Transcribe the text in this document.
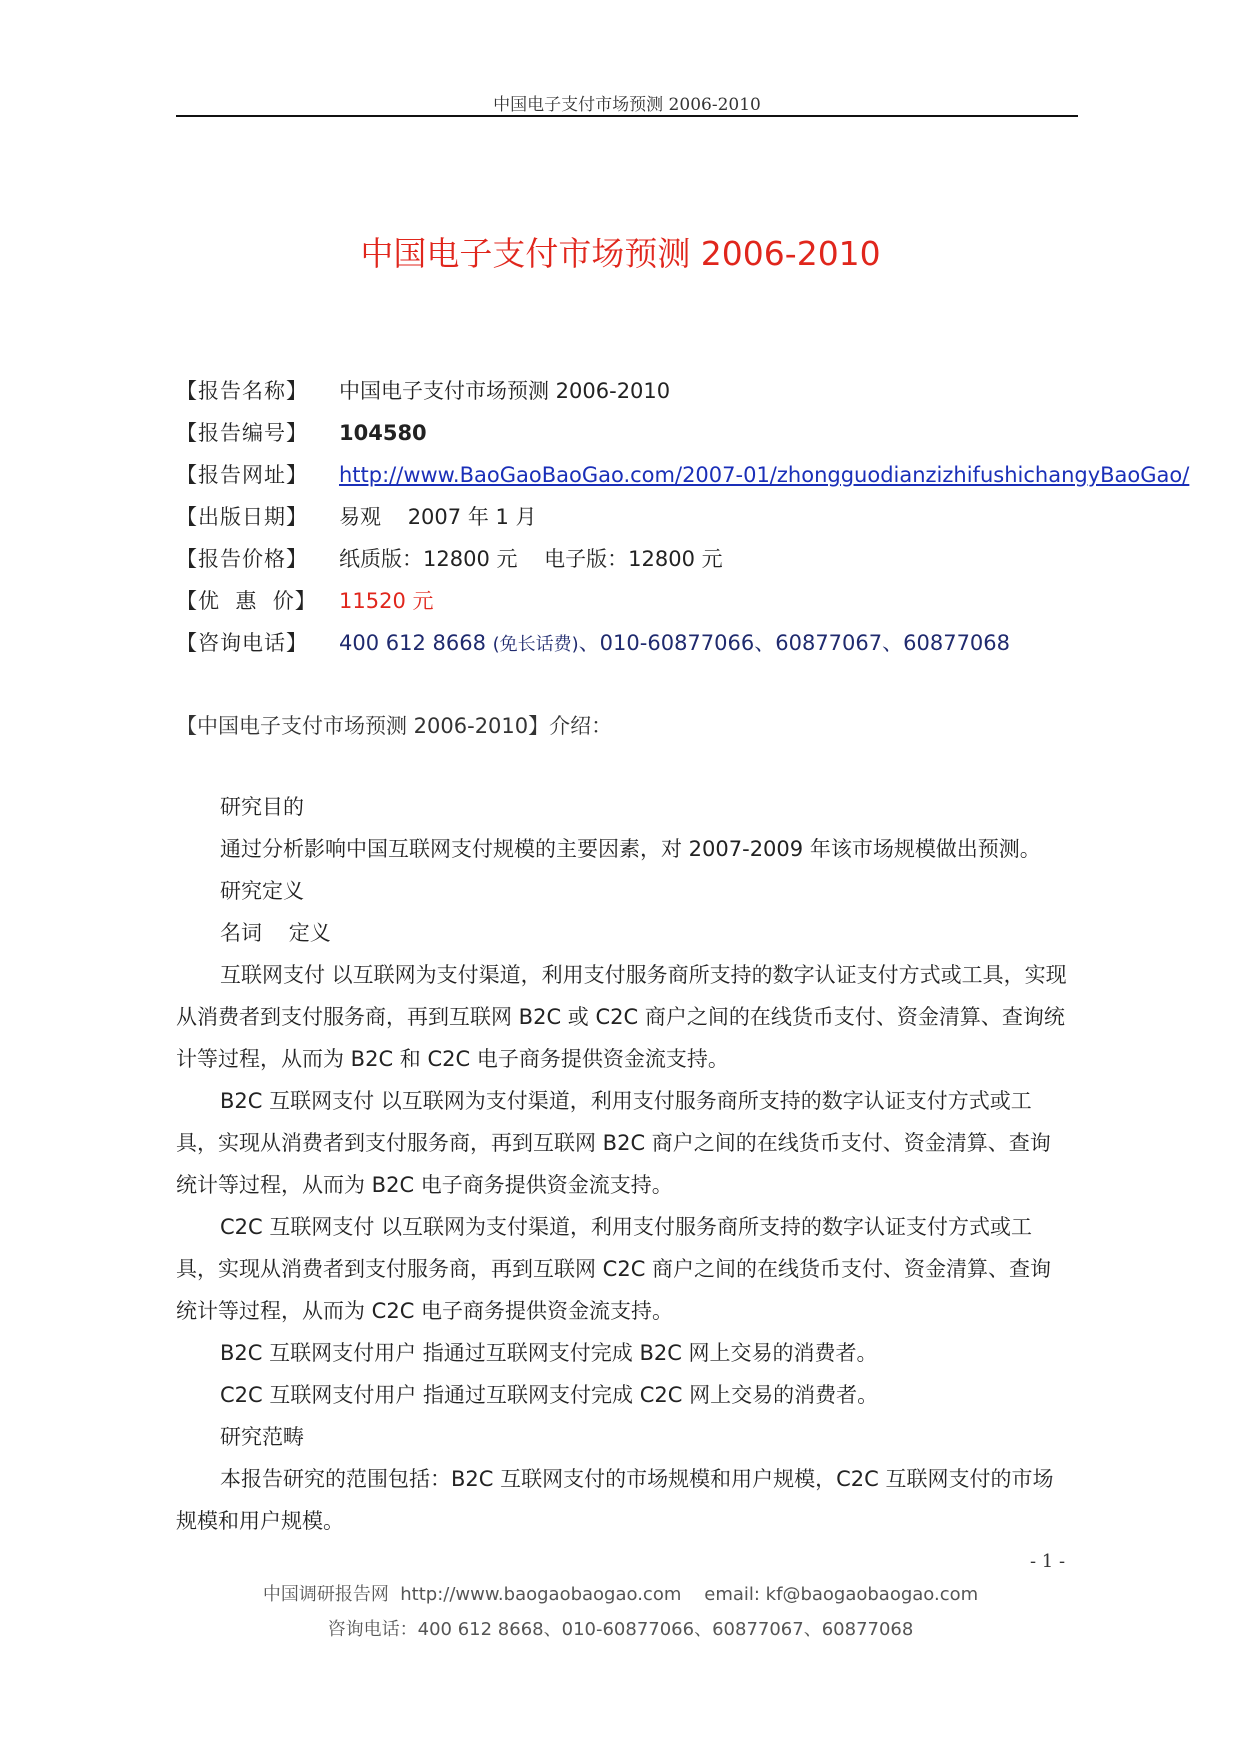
中国电子支付市场预测 2006-2010
中国电子支付市场预测 2006-2010
【报告名称】 中国电子支付市场预测 2006-2010
【报告编号】 104580
【报告网址】 http://www.BaoGaoBaoGao.com/2007-01/zhongguodianzizhifushichangyBaoGao/
【出版日期】 易观    2007 年 1 月
【报告价格】 纸质版：12800 元    电子版：12800 元
【优  惠  价】 11520 元
【咨询电话】 400 612 8668 (免长话费)、010-60877066、60877067、60877068
【中国电子支付市场预测 2006-2010】介绍：

研究目的

通过分析影响中国互联网支付规模的主要因素，对 2007-2009 年该市场规模做出预测。

研究定义

名词    定义

互联网支付 以互联网为支付渠道，利用支付服务商所支持的数字认证支付方式或工具，实现从消费者到支付服务商，再到互联网 B2C 或 C2C 商户之间的在线货币支付、资金清算、查询统计等过程，从而为 B2C 和 C2C 电子商务提供资金流支持。

B2C 互联网支付 以互联网为支付渠道，利用支付服务商所支持的数字认证支付方式或工具，实现从消费者到支付服务商，再到互联网 B2C 商户之间的在线货币支付、资金清算、查询统计等过程，从而为 B2C 电子商务提供资金流支持。

C2C 互联网支付 以互联网为支付渠道，利用支付服务商所支持的数字认证支付方式或工具，实现从消费者到支付服务商，再到互联网 C2C 商户之间的在线货币支付、资金清算、查询统计等过程，从而为 C2C 电子商务提供资金流支持。

B2C 互联网支付用户 指通过互联网支付完成 B2C 网上交易的消费者。

C2C 互联网支付用户 指通过互联网支付完成 C2C 网上交易的消费者。

研究范畴

本报告研究的范围包括：B2C 互联网支付的市场规模和用户规模，C2C 互联网支付的市场规模和用户规模。

- 1 -
中国调研报告网  http://www.baogaobaogao.com    email: kf@baogaobaogao.com
咨询电话：400 612 8668、010-60877066、60877067、60877068
